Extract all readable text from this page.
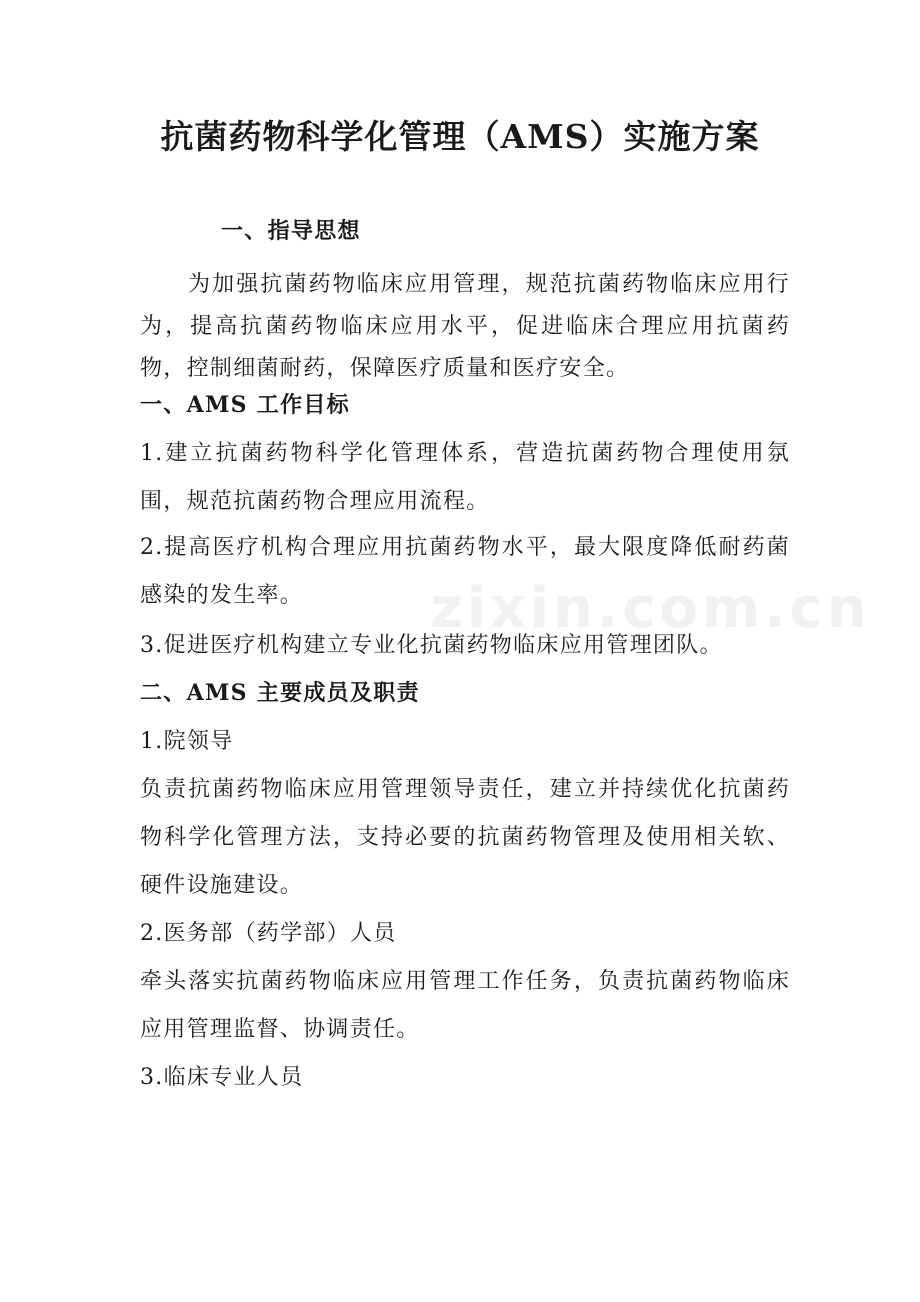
抗菌药物科学化管理（AMS）实施方案
一、指导思想
为加强抗菌药物临床应用管理，规范抗菌药物临床应用行为，提高抗菌药物临床应用水平，促进临床合理应用抗菌药物，控制细菌耐药，保障医疗质量和医疗安全。
一、AMS 工作目标
1.建立抗菌药物科学化管理体系，营造抗菌药物合理使用氛围，规范抗菌药物合理应用流程。
2.提高医疗机构合理应用抗菌药物水平，最大限度降低耐药菌感染的发生率。
3.促进医疗机构建立专业化抗菌药物临床应用管理团队。
二、AMS 主要成员及职责
1.院领导
负责抗菌药物临床应用管理领导责任，建立并持续优化抗菌药物科学化管理方法，支持必要的抗菌药物管理及使用相关软、硬件设施建设。
2.医务部（药学部）人员
牵头落实抗菌药物临床应用管理工作任务，负责抗菌药物临床应用管理监督、协调责任。
3.临床专业人员
zixin.com.cn
